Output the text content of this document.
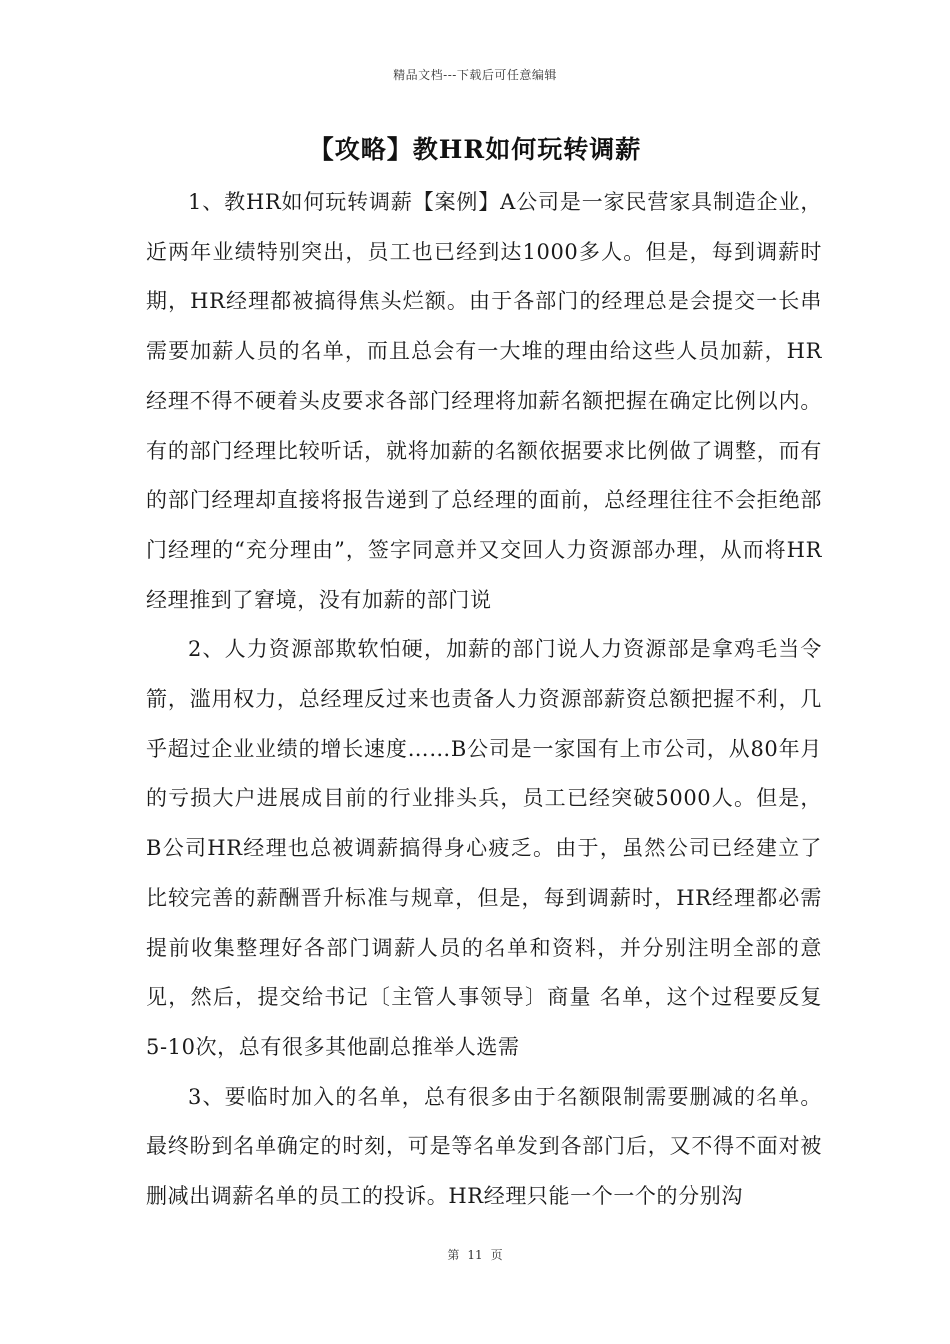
精品文档---下载后可任意编辑
【攻略】教HR如何玩转调薪

1、教HR如何玩转调薪【案例】A公司是一家民营家具制造企业，近两年业绩特别突出，员工也已经到达1000多人。但是，每到调薪时期，HR经理都被搞得焦头烂额。由于各部门的经理总是会提交一长串需要加薪人员的名单，而且总会有一大堆的理由给这些人员加薪，HR经理不得不硬着头皮要求各部门经理将加薪名额把握在确定比例以内。有的部门经理比较听话，就将加薪的名额依据要求比例做了调整，而有的部门经理却直接将报告递到了总经理的面前，总经理往往不会拒绝部门经理的“充分理由”，签字同意并又交回人力资源部办理，从而将HR经理推到了窘境，没有加薪的部门说

2、人力资源部欺软怕硬，加薪的部门说人力资源部是拿鸡毛当令箭，滥用权力，总经理反过来也责备人力资源部薪资总额把握不利，几乎超过企业业绩的增长速度……B公司是一家国有上市公司，从80年月的亏损大户进展成目前的行业排头兵，员工已经突破5000人。但是，B公司HR经理也总被调薪搞得身心疲乏。由于，虽然公司已经建立了比较完善的薪酬晋升标准与规章，但是，每到调薪时，HR经理都必需提前收集整理好各部门调薪人员的名单和资料，并分别注明全部的意见，然后，提交给书记〔主管人事领导〕商量 名单，这个过程要反复5-10次，总有很多其他副总推举人选需

3、要临时加入的名单，总有很多由于名额限制需要删减的名单。最终盼到名单确定的时刻，可是等名单发到各部门后，又不得不面对被删减出调薪名单的员工的投诉。HR经理只能一个一个的分别沟

第 11 页
